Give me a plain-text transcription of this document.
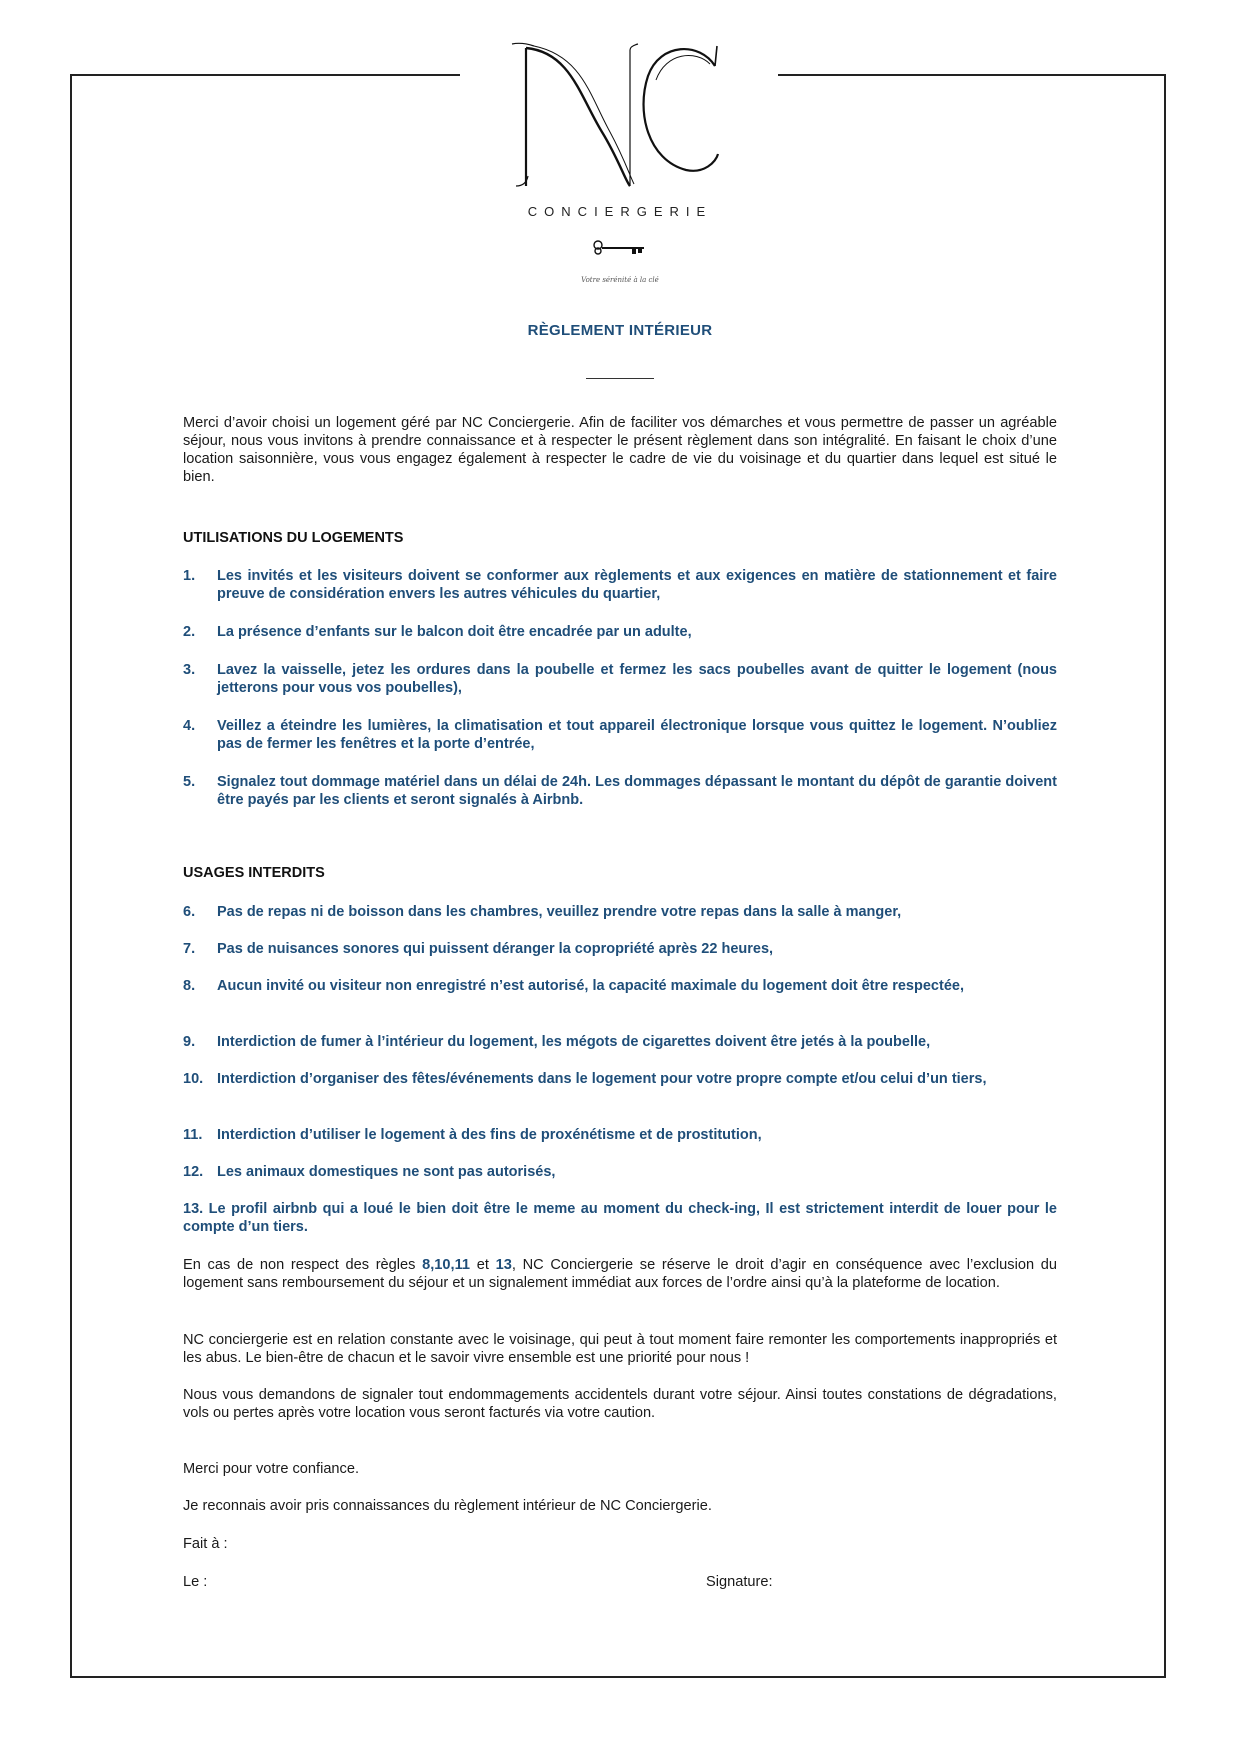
CONCIERGERIE
Votre sérénité à la clé
RÈGLEMENT INTÉRIEUR

Merci d’avoir choisi un logement géré par NC Conciergerie. Afin de faciliter vos démarches et vous permettre de passer un agréable séjour, nous vous invitons à prendre connaissance et à respecter le présent règlement dans son intégralité. En faisant le choix d’une location saisonnière, vous vous engagez également à respecter le cadre de vie du voisinage et du quartier dans lequel est situé le bien.

UTILISATIONS DU LOGEMENTS
1.	Les invités et les visiteurs doivent se conformer aux règlements et aux exigences en matière de stationnement et faire preuve de considération envers les autres véhicules du quartier,
2.	La présence d’enfants sur le balcon doit être encadrée par un adulte,
3.	Lavez la vaisselle, jetez les ordures dans la poubelle et fermez les sacs poubelles avant de quitter le logement (nous jetterons pour vous vos poubelles),
4.	Veillez a éteindre les lumières, la climatisation et tout appareil électronique lorsque vous quittez le logement. N’oubliez pas de fermer les fenêtres et la porte d’entrée,
5.	Signalez tout dommage matériel dans un délai de 24h. Les dommages dépassant le montant du dépôt de garantie doivent être payés par les clients et seront signalés à Airbnb.
USAGES INTERDITS
6.	Pas de repas ni de boisson dans les chambres, veuillez prendre votre repas dans la salle à manger,
7.	Pas de nuisances sonores qui puissent déranger la copropriété après 22 heures,
8.	Aucun invité ou visiteur non enregistré n’est autorisé, la capacité maximale du logement doit être respectée,
9.	Interdiction de fumer à l’intérieur du logement, les mégots de cigarettes doivent être jetés à la poubelle,
10. Interdiction d’organiser des fêtes/événements dans le logement pour votre propre compte et/ou celui d’un tiers,
11.	Interdiction d’utiliser le logement à des fins de proxénétisme et de prostitution,
12. Les animaux domestiques ne sont pas autorisés,
13. Le profil airbnb qui a loué le bien doit être le meme au moment du check-ing, Il est strictement interdit de louer pour le compte d’un tiers.

En cas de non respect des règles 8,10,11 et 13, NC Conciergerie se réserve le droit d’agir en conséquence avec l’exclusion du logement sans remboursement du séjour et un signalement immédiat aux forces de l’ordre ainsi qu’à la plateforme de location.

NC conciergerie est en relation constante avec le voisinage, qui peut à tout moment faire remonter les comportements inappropriés et les abus. Le bien-être de chacun et le savoir vivre ensemble est une priorité pour nous !

Nous vous demandons de signaler tout endommagements accidentels durant votre séjour. Ainsi toutes constations de dégradations, vols ou pertes après votre location vous seront facturés via votre caution.

Merci pour votre confiance.
Je reconnais avoir pris connaissances du règlement intérieur de NC Conciergerie.
Fait à :
Le :	Signature:
